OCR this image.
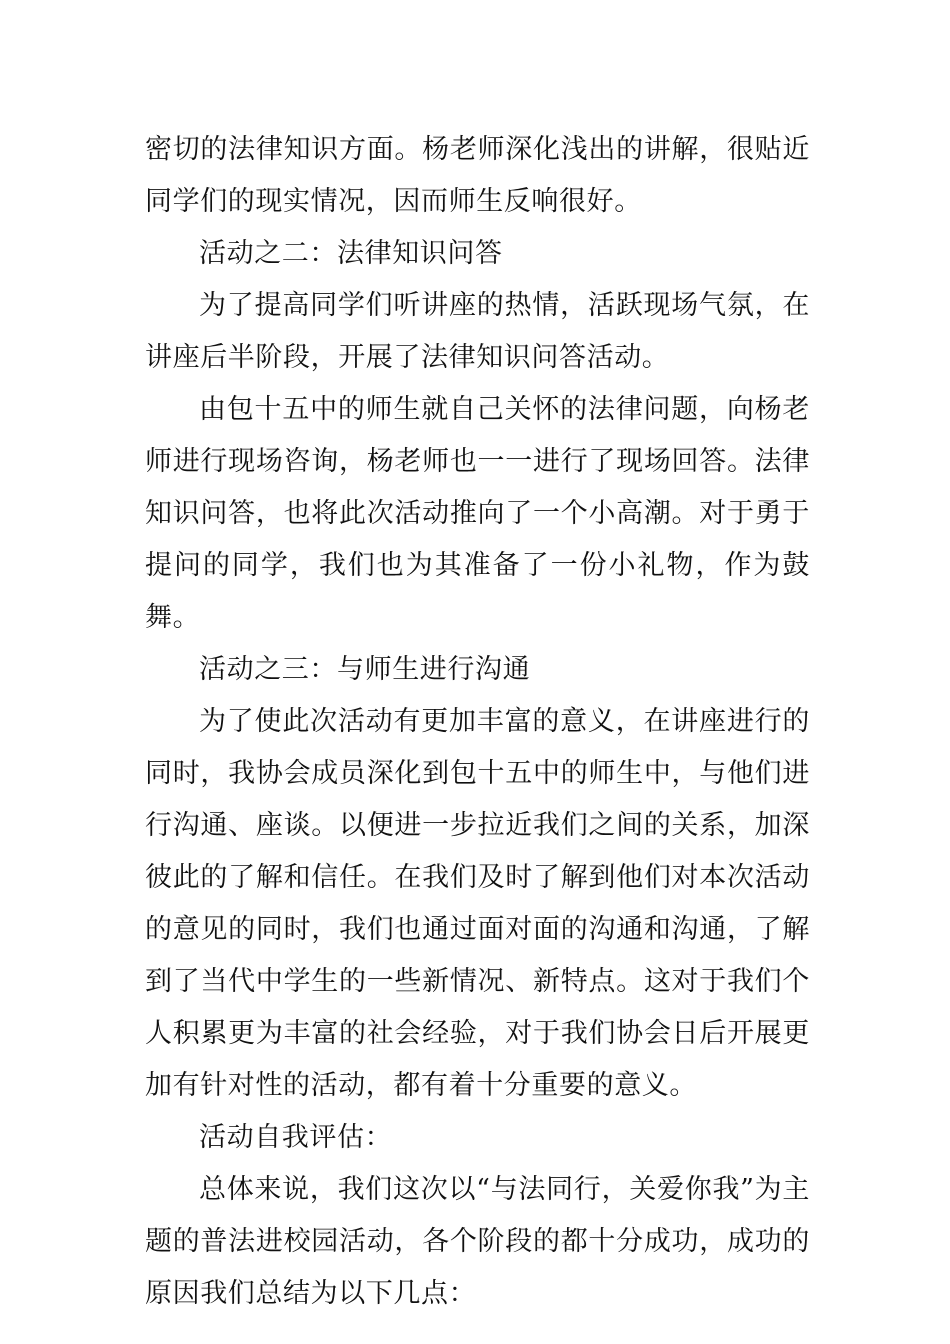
密切的法律知识方面。杨老师深化浅出的讲解，很贴近同学们的现实情况，因而师生反响很好。

活动之二：法律知识问答

为了提高同学们听讲座的热情，活跃现场气氛，在讲座后半阶段，开展了法律知识问答活动。

由包十五中的师生就自己关怀的法律问题，向杨老师进行现场咨询，杨老师也一一进行了现场回答。法律知识问答，也将此次活动推向了一个小高潮。对于勇于提问的同学，我们也为其准备了一份小礼物，作为鼓舞。

活动之三：与师生进行沟通

为了使此次活动有更加丰富的意义，在讲座进行的同时，我协会成员深化到包十五中的师生中，与他们进行沟通、座谈。以便进一步拉近我们之间的关系，加深彼此的了解和信任。在我们及时了解到他们对本次活动的意见的同时，我们也通过面对面的沟通和沟通，了解到了当代中学生的一些新情况、新特点。这对于我们个人积累更为丰富的社会经验，对于我们协会日后开展更加有针对性的活动，都有着十分重要的意义。

活动自我评估：

总体来说，我们这次以“与法同行，关爱你我”为主题的普法进校园活动，各个阶段的都十分成功，成功的原因我们总结为以下几点：
